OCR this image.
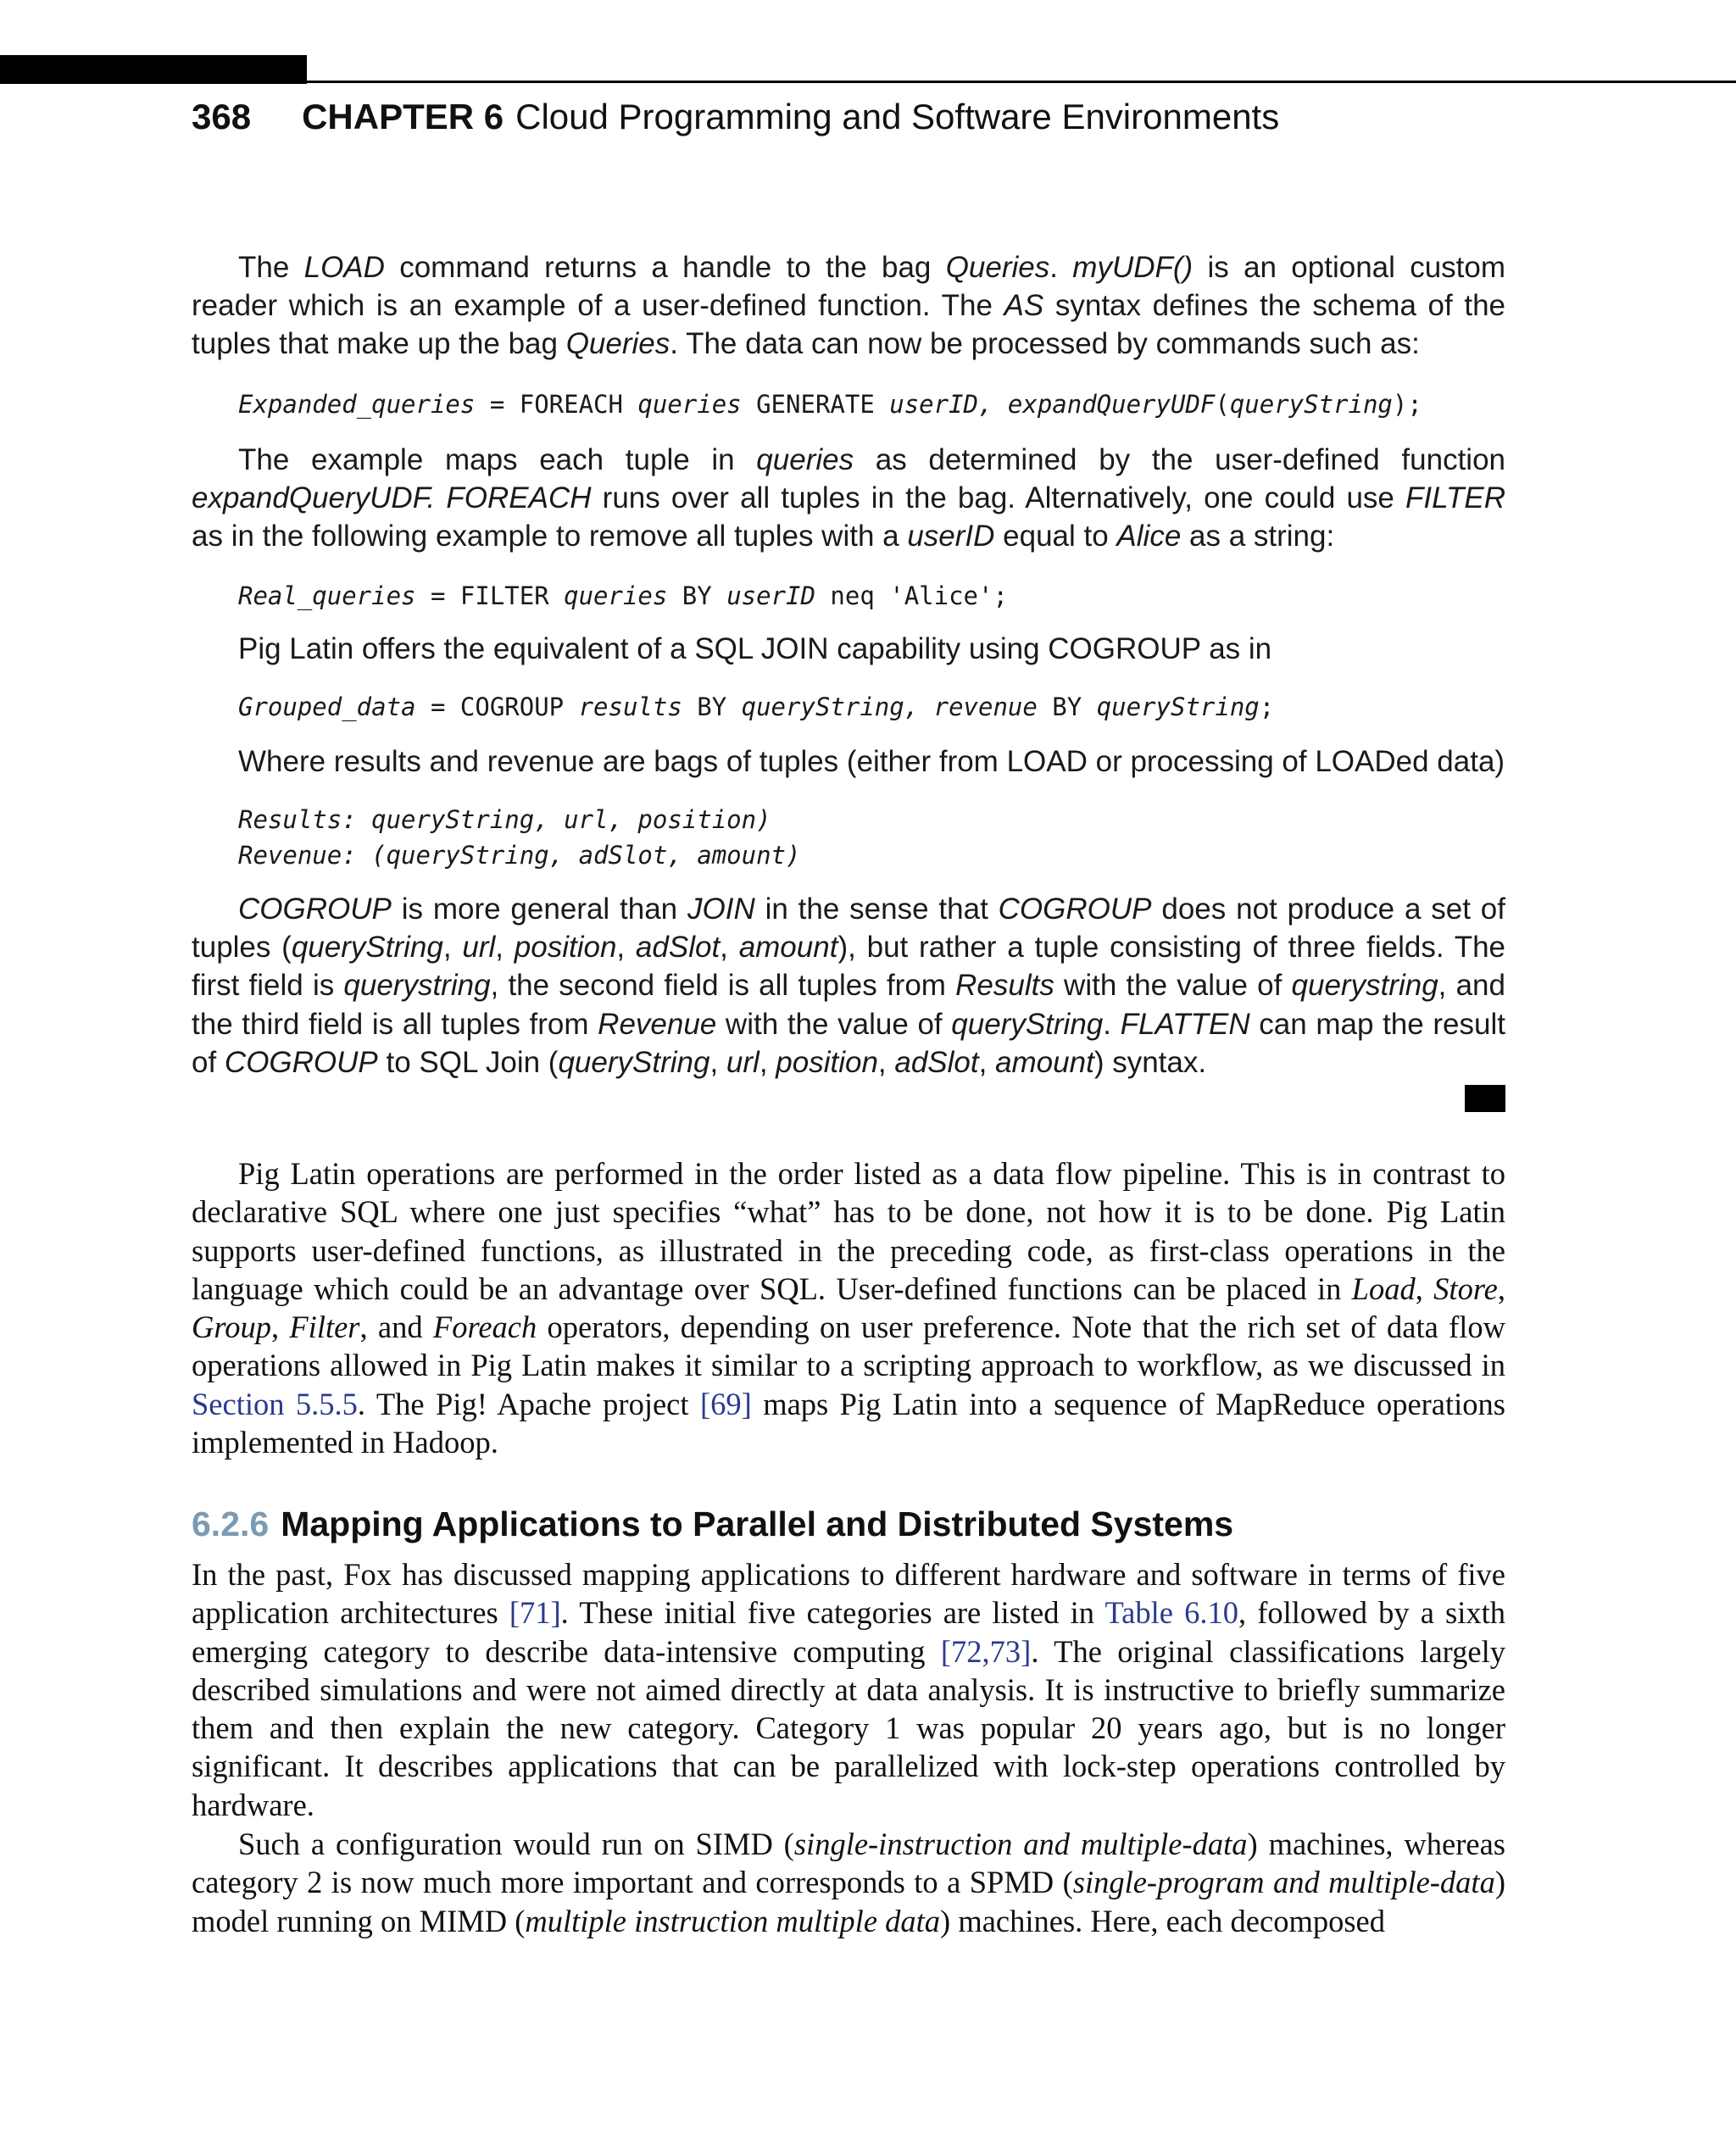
368 CHAPTER 6 Cloud Programming and Software Environments

The LOAD command returns a handle to the bag Queries. myUDF() is an optional custom reader which is an example of a user-defined function. The AS syntax defines the schema of the tuples that make up the bag Queries. The data can now be processed by commands such as:

Expanded_queries = FOREACH queries GENERATE userID, expandQueryUDF(queryString);

The example maps each tuple in queries as determined by the user-defined function expandQueryUDF. FOREACH runs over all tuples in the bag. Alternatively, one could use FILTER as in the following example to remove all tuples with a userID equal to Alice as a string:

Real_queries = FILTER queries BY userID neq 'Alice';

Pig Latin offers the equivalent of a SQL JOIN capability using COGROUP as in

Grouped_data = COGROUP results BY queryString, revenue BY queryString;

Where results and revenue are bags of tuples (either from LOAD or processing of LOADed data)

Results: queryString, url, position)
Revenue: (queryString, adSlot, amount)

COGROUP is more general than JOIN in the sense that COGROUP does not produce a set of tuples (queryString, url, position, adSlot, amount), but rather a tuple consisting of three fields. The first field is querystring, the second field is all tuples from Results with the value of querystring, and the third field is all tuples from Revenue with the value of queryString. FLATTEN can map the result of COGROUP to SQL Join (queryString, url, position, adSlot, amount) syntax.

Pig Latin operations are performed in the order listed as a data flow pipeline. This is in contrast to declarative SQL where one just specifies “what” has to be done, not how it is to be done. Pig Latin supports user-defined functions, as illustrated in the preceding code, as first-class operations in the language which could be an advantage over SQL. User-defined functions can be placed in Load, Store, Group, Filter, and Foreach operators, depending on user preference. Note that the rich set of data flow operations allowed in Pig Latin makes it similar to a scripting approach to workflow, as we discussed in Section 5.5.5. The Pig! Apache project [69] maps Pig Latin into a sequence of MapReduce operations implemented in Hadoop.

6.2.6 Mapping Applications to Parallel and Distributed Systems

In the past, Fox has discussed mapping applications to different hardware and software in terms of five application architectures [71]. These initial five categories are listed in Table 6.10, followed by a sixth emerging category to describe data-intensive computing [72,73]. The original classifications largely described simulations and were not aimed directly at data analysis. It is instructive to briefly summarize them and then explain the new category. Category 1 was popular 20 years ago, but is no longer significant. It describes applications that can be parallelized with lock-step operations controlled by hardware.

Such a configuration would run on SIMD (single-instruction and multiple-data) machines, whereas category 2 is now much more important and corresponds to a SPMD (single-program and multiple-data) model running on MIMD (multiple instruction multiple data) machines. Here, each decomposed
